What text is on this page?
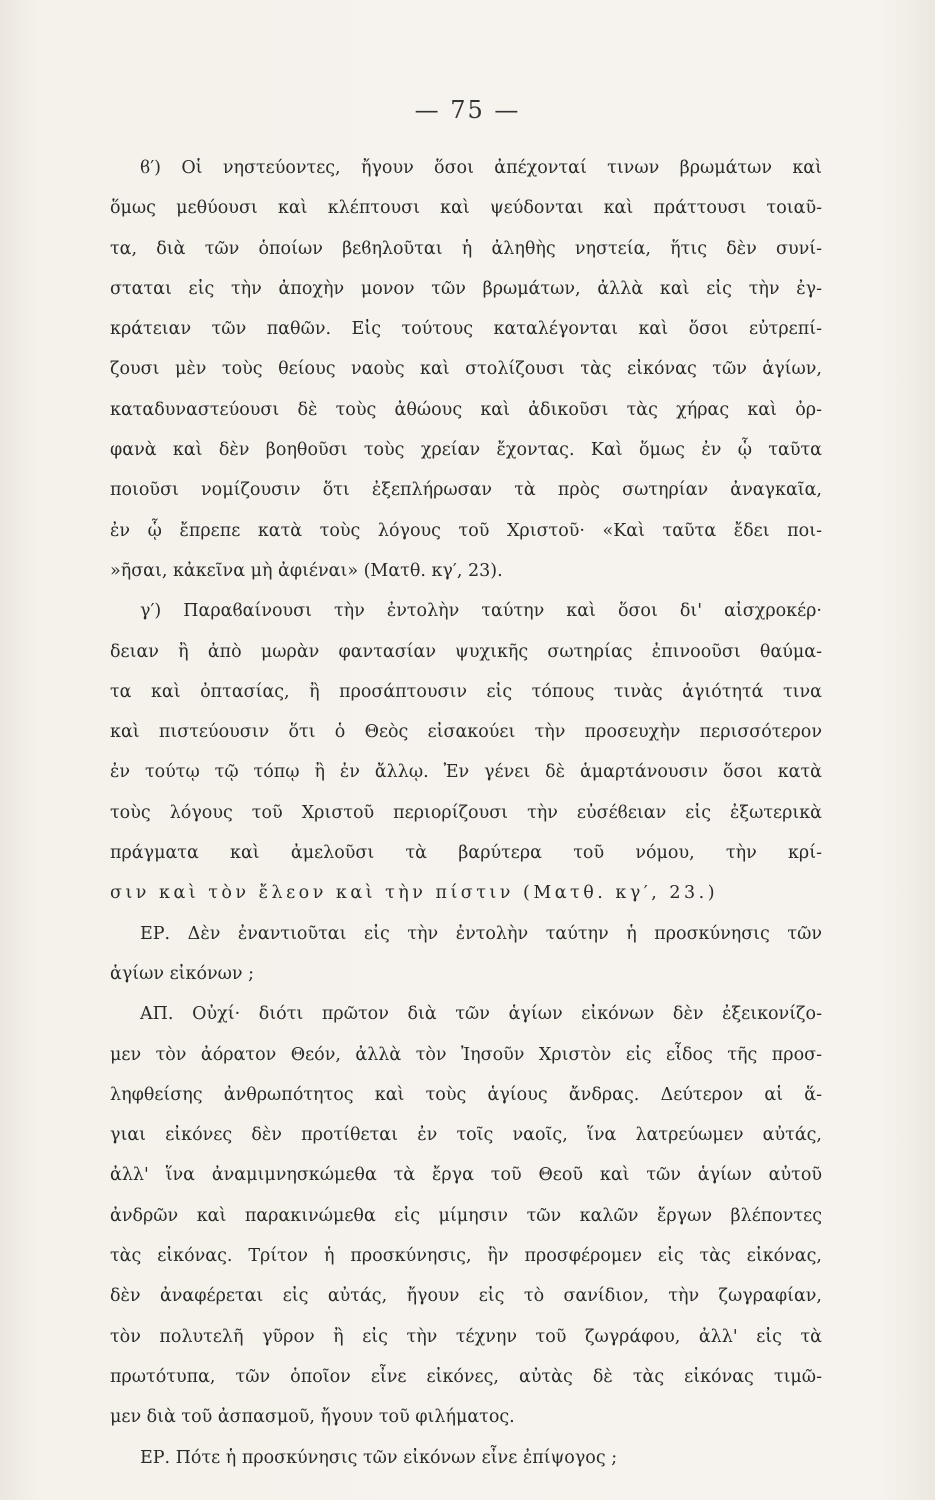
— 75 —
ϐ′) Οἱ νηστεύοντες, ἤγουν ὅσοι ἀπέχονταί τινων βρωμάτων καὶ
ὅμως μεθύουσι καὶ κλέπτουσι καὶ ψεύδονται καὶ πράττουσι τοιαῦ-
τα, διὰ τῶν ὁποίων βεϐηλοῦται ἡ ἀληθὴς νηστεία, ἥτις δὲν συνί-
σταται εἰς τὴν ἀποχὴν μονον τῶν βρωμάτων, ἀλλὰ καὶ εἰς τὴν ἐγ-
κράτειαν τῶν παθῶν. Εἰς τούτους καταλέγονται καὶ ὅσοι εὐτρεπί-
ζουσι μὲν τοὺς θείους ναοὺς καὶ στολίζουσι τὰς εἰκόνας τῶν ἁγίων,
καταδυναστεύουσι δὲ τοὺς ἀθώους καὶ ἀδικοῦσι τὰς χήρας καὶ ὀρ-
φανὰ καὶ δὲν βοηθοῦσι τοὺς χρείαν ἔχοντας. Καὶ ὅμως ἐν ᾧ ταῦτα
ποιοῦσι νομίζουσιν ὅτι ἐξεπλήρωσαν τὰ πρὸς σωτηρίαν ἀναγκαῖα,
ἐν ᾧ ἔπρεπε κατὰ τοὺς λόγους τοῦ Χριστοῦ· «Καὶ ταῦτα ἔδει ποι-
»ῆσαι, κἀκεῖνα μὴ ἀφιέναι» (Ματθ. κγ′, 23).
γ′) Παραϐαίνουσι τὴν ἐντολὴν ταύτην καὶ ὅσοι δι' αἰσχροκέρ·
δειαν ἢ ἀπὸ μωρὰν φαντασίαν ψυχικῆς σωτηρίας ἐπινοοῦσι θαύμα-
τα καὶ ὀπτασίας, ἢ προσάπτουσιν εἰς τόπους τινὰς ἁγιότητά τινα
καὶ πιστεύουσιν ὅτι ὁ Θεὸς εἰσακούει τὴν προσευχὴν περισσότερον
ἐν τούτῳ τῷ τόπῳ ἢ ἐν ἄλλῳ. Ἐν γένει δὲ ἁμαρτάνουσιν ὅσοι κατὰ
τοὺς λόγους τοῦ Χριστοῦ περιορίζουσι τὴν εὐσέϐειαν εἰς ἐξωτερικὰ
πράγματα καὶ ἀμελοῦσι τὰ βαρύτερα τοῦ νόμου, τὴν κρί-
σιν καὶ τὸν ἔλεον καὶ τὴν πίστιν (Ματθ. κγ′, 23.)
ΕΡ. Δὲν ἐναντιοῦται εἰς τὴν ἐντολὴν ταύτην ἡ προσκύνησις τῶν
ἁγίων εἰκόνων ;
ΑΠ. Οὐχί· διότι πρῶτον διὰ τῶν ἁγίων εἰκόνων δὲν ἐξεικονίζο-
μεν τὸν ἀόρατον Θεόν, ἀλλὰ τὸν Ἰησοῦν Χριστὸν εἰς εἶδος τῆς προσ-
ληφθείσης ἀνθρωπότητος καὶ τοὺς ἁγίους ἄνδρας. Δεύτερον αἱ ἅ-
γιαι εἰκόνες δὲν προτίθεται ἐν τοῖς ναοῖς, ἵνα λατρεύωμεν αὐτάς,
ἀλλ' ἵνα ἀναμιμνησκώμεθα τὰ ἔργα τοῦ Θεοῦ καὶ τῶν ἁγίων αὐτοῦ
ἀνδρῶν καὶ παρακινώμεθα εἰς μίμησιν τῶν καλῶν ἔργων βλέποντες
τὰς εἰκόνας. Τρίτον ἡ προσκύνησις, ἣν προσφέρομεν εἰς τὰς εἰκόνας,
δὲν ἀναφέρεται εἰς αὐτάς, ἤγουν εἰς τὸ σανίδιον, τὴν ζωγραφίαν,
τὸν πολυτελῆ γῦρον ἢ εἰς τὴν τέχνην τοῦ ζωγράφου, ἀλλ' εἰς τὰ
πρωτότυπα, τῶν ὁποῖον εἶνε εἰκόνες, αὐτὰς δὲ τὰς εἰκόνας τιμῶ-
μεν διὰ τοῦ ἀσπασμοῦ, ἤγουν τοῦ φιλήματος.
ΕΡ. Πότε ἡ προσκύνησις τῶν εἰκόνων εἶνε ἐπίψογος ;
